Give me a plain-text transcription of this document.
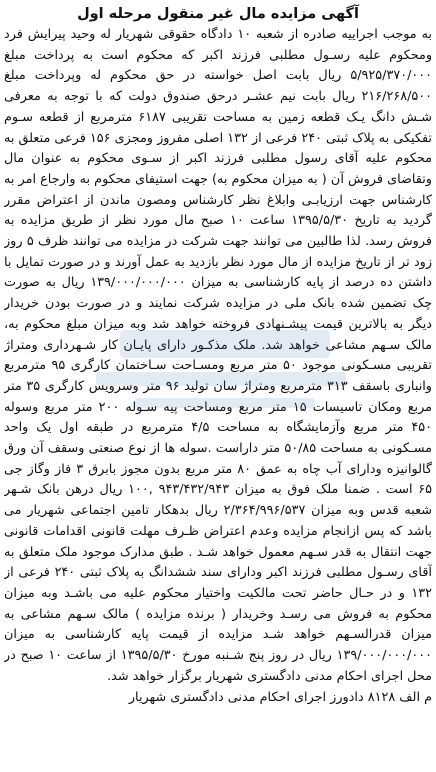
آگهی مزایده مال غیر منقول مرحله اول

به موجب اجراییه صادره از شعبه ۱۰ دادگاه حقوقی شهریار له وحید پیرایش فرد ومحکوم علیه رسـول مطلبی فرزند اکبر که محکوم است به پرداخت مبلغ ۵/۹۲۵/۳۷۰/۰۰۰ ریال بابت اصل خواسته در حق محکوم له وپرداخت مبلغ ۲۱۶/۲۶۸/۵۰۰ ریال بابت نیم عشـر درحق صندوق دولت که با توجه به معرفی شـش دانگ یـک قطعه زمین به مساحت تقریبی ۶۱۸۷ مترمربع از قطعه سـوم تفکیکی به پلاک ثبتی ۲۴۰ فرعی از ۱۳۲ اصلی مفروز ومجزی ۱۵۶ فرعی متعلق به محکوم علیه آقای رسول مطلبی فرزند اکبر از سـوی محکوم به عنوان مال وتقاضای فروش آن ( به میزان محکوم به) جهت استیفای محکوم به وارجاع امر به کارشناس جهت ارزیابـی وابلاغ نظر کارشناس ومصون ماندن از اعتراض مقرر گردید به تاریخ ۱۳۹۵/۵/۳۰ ساعت ۱۰ صبح مال مورد نظر از طریق مزایده به فروش رسد. لذا طالبین می توانند جهت شرکت در مزایده می توانند ظرف ۵ روز زود تر از تاریخ مزایده از مال مورد نظر بازدید به عمل آورند و در صورت تمایل با داشتن ده درصد از پایه کارشناسی به میزان ۱۳۹/۰۰۰/۰۰۰/۰۰۰ ریال به صورت چک تضمین شده بانک ملی در مزایده شرکت نمایند و در صورت بودن خریدار دیگر به بالاترین قیمت پیشـنهادی فروخته خواهد شد وبه میزان مبلغ محکوم به، مالک سـهم مشاعی خواهد شد. ملک مذکـور دارای پایـان کار شـهرداری ومتراژ تقریبی مسـکونی موجود ۵۰ متر مربع ومسـاحت سـاختمان کارگری ۹۵ مترمربع وانباری باسقف ۳۱۳ مترمربع ومتراژ سان تولید ۹۶ متر وسرویس کارگری ۳۵ متر مربع ومکان تاسیسات ۱۵ متر مربع ومساحت پیه سـوله ۲۰۰ متر مربع وسوله ۴۵۰ متر مربع وآزمایشگاه به مساحت ۴/۵ مترمربع در طبقه اول یک واحد مسـکونی به مساحت ۵۰/۸۵ متر داراست .سوله ها از نوع صنعتی وسقف آن ورق گالوانیزه ودارای آب چاه به عمق ۸۰ متر مربع بدون مجوز بابرق ۳ فاز وگاز جی ۶۵ است . ضمنا ملک فوق به میزان ۹۴۳/۴۳۲/۹۴۳ ,۱۰۰ ریال درهن بانک شـهر شعبه قدس وبه میزان ۲/۳۶۴/۹۹۶/۵۳۷ ریال بدهکار تامین اجتماعی شهریار می باشد که پس ازانجام مزایده وعدم اعتراض ظـرف مهلت قانونی اقدامات قانونی جهت انتقال به قدر سـهم معمول خواهد شـد . طبق مدارک موجود ملک متعلق به آقای رسـول مطلبی فرزند اکبر ودارای سند ششدانگ به پلاک ثبتی ۲۴۰ فرعی از ۱۳۲ و در حـال حاضر تحت مالکیت واختیار محکوم علیه می باشـد وبه میزان محکوم به فروش می رسـد وخریدار ( برنده مزایده ) مالک سـهم مشاعی به میزان قدرالسـهم خواهد شـد مزایده از قیمت پایه کارشناسی به میزان ۱۳۹/۰۰۰/۰۰۰/۰۰۰ ریال در روز پنج شـنبه مورخ ۱۳۹۵/۵/۳۰ از ساعت ۱۰ صبح در محل اجرای احکام مدنی دادگستری شهریار برگزار خواهد شد.

م الف ۸۱۲۸ دادورز اجرای احکام مدنی دادگستری شهریار
